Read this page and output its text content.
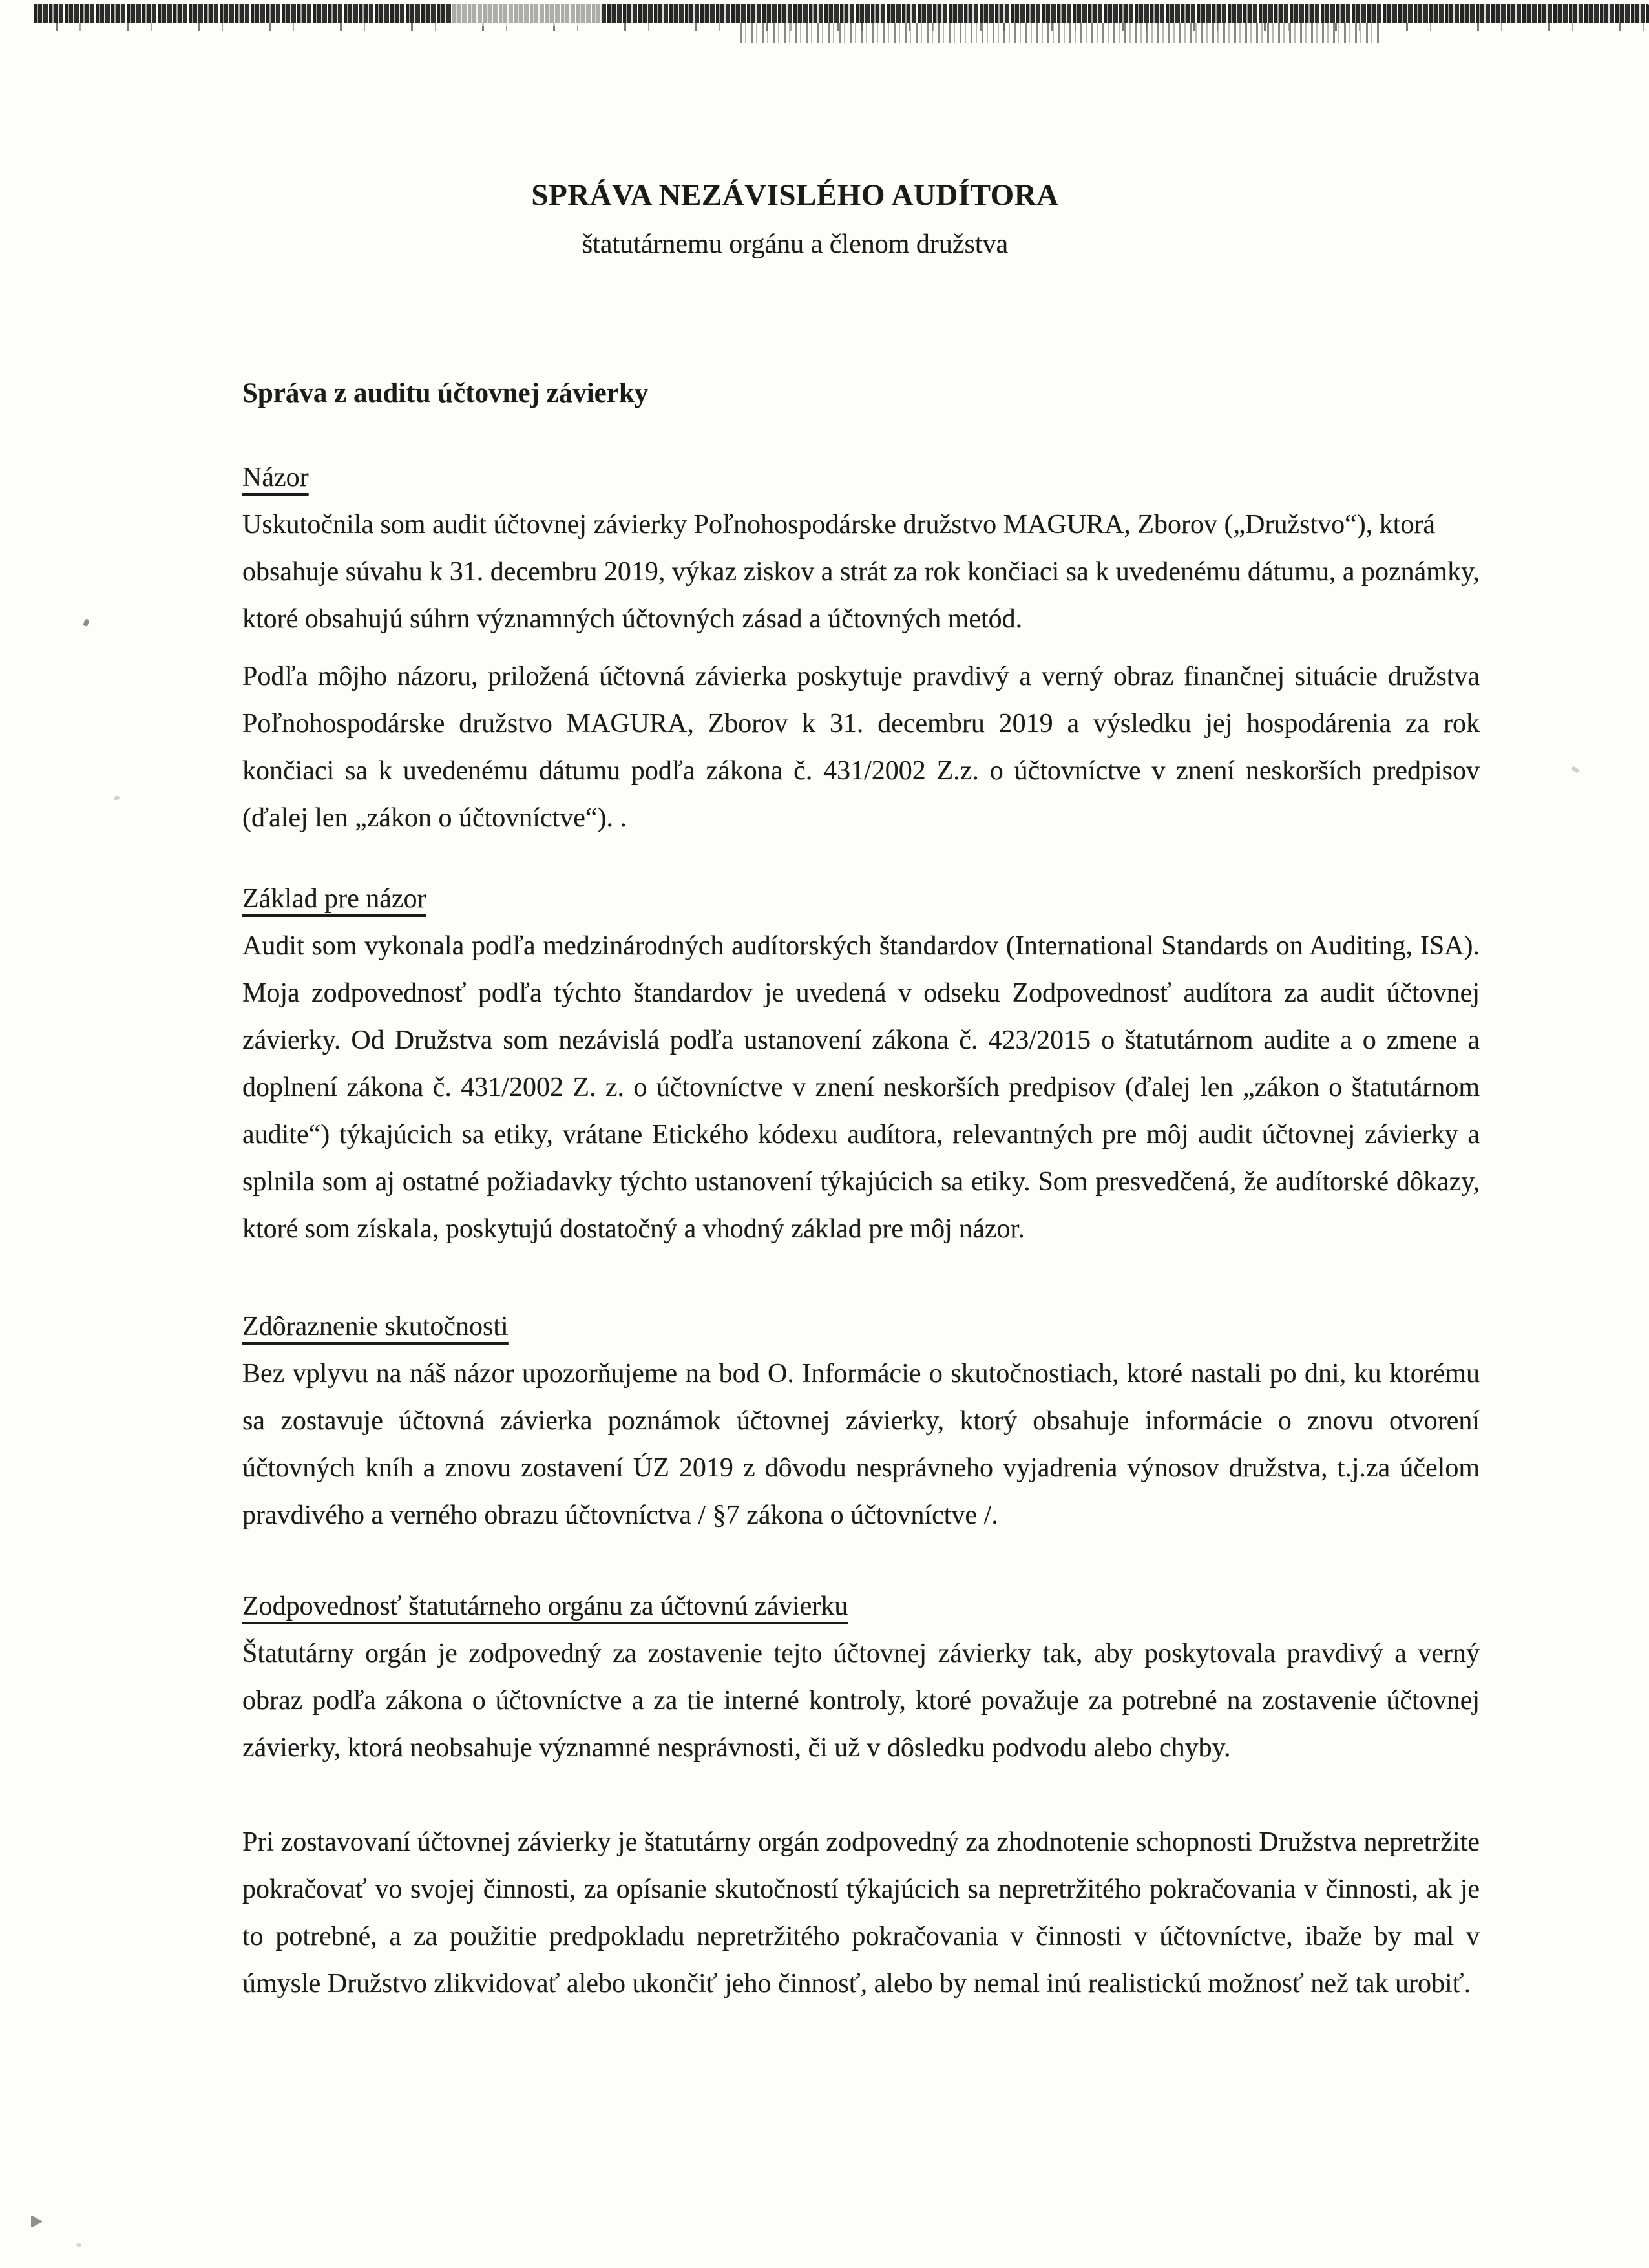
SPRÁVA NEZÁVISLÉHO AUDÍTORA
štatutárnemu orgánu a členom družstva
Správa z auditu účtovnej závierky
Názor

Uskutočnila som audit účtovnej závierky Poľnohospodárske družstvo MAGURA, Zborov („Družstvo“), ktorá obsahuje súvahu k 31. decembru 2019, výkaz ziskov a strát za rok končiaci sa k uvedenému dátumu, a poznámky, ktoré obsahujú súhrn významných účtovných zásad a účtovných metód.

Podľa môjho názoru, priložená účtovná závierka poskytuje pravdivý a verný obraz finančnej situácie družstva Poľnohospodárske družstvo MAGURA, Zborov k 31. decembru 2019 a výsledku jej hospodárenia za rok končiaci sa k uvedenému dátumu podľa zákona č. 431/2002 Z.z. o účtovníctve v znení neskorších predpisov (ďalej len „zákon o účtovníctve“). .

Základ pre názor

Audit som vykonala podľa medzinárodných audítorských štandardov (International Standards on Auditing, ISA). Moja zodpovednosť podľa týchto štandardov je uvedená v odseku Zodpovednosť audítora za audit účtovnej závierky. Od Družstva som nezávislá podľa ustanovení zákona č. 423/2015 o štatutárnom audite a o zmene a doplnení zákona č. 431/2002 Z. z. o účtovníctve v znení neskorších predpisov (ďalej len „zákon o štatutárnom audite“) týkajúcich sa etiky, vrátane Etického kódexu audítora, relevantných pre môj audit účtovnej závierky a splnila som aj ostatné požiadavky týchto ustanovení týkajúcich sa etiky. Som presvedčená, že audítorské dôkazy, ktoré som získala, poskytujú dostatočný a vhodný základ pre môj názor.

Zdôraznenie skutočnosti

Bez vplyvu na náš názor upozorňujeme na bod O. Informácie o skutočnostiach, ktoré nastali po dni, ku ktorému sa zostavuje účtovná závierka poznámok účtovnej závierky, ktorý obsahuje informácie o znovu otvorení účtovných kníh a znovu zostavení ÚZ 2019 z dôvodu nesprávneho vyjadrenia výnosov družstva, t.j.za účelom pravdivého a verného obrazu účtovníctva / §7 zákona o účtovníctve /.

Zodpovednosť štatutárneho orgánu za účtovnú závierku

Štatutárny orgán je zodpovedný za zostavenie tejto účtovnej závierky tak, aby poskytovala pravdivý a verný obraz podľa zákona o účtovníctve a za tie interné kontroly, ktoré považuje za potrebné na zostavenie účtovnej závierky, ktorá neobsahuje významné nesprávnosti, či už v dôsledku podvodu alebo chyby.

Pri zostavovaní účtovnej závierky je štatutárny orgán zodpovedný za zhodnotenie schopnosti Družstva nepretržite pokračovať vo svojej činnosti, za opísanie skutočností týkajúcich sa nepretržitého pokračovania v činnosti, ak je to potrebné, a za použitie predpokladu nepretržitého pokračovania v činnosti v účtovníctve, ibaže by mal v úmysle Družstvo zlikvidovať alebo ukončiť jeho činnosť, alebo by nemal inú realistickú možnosť než tak urobiť.
